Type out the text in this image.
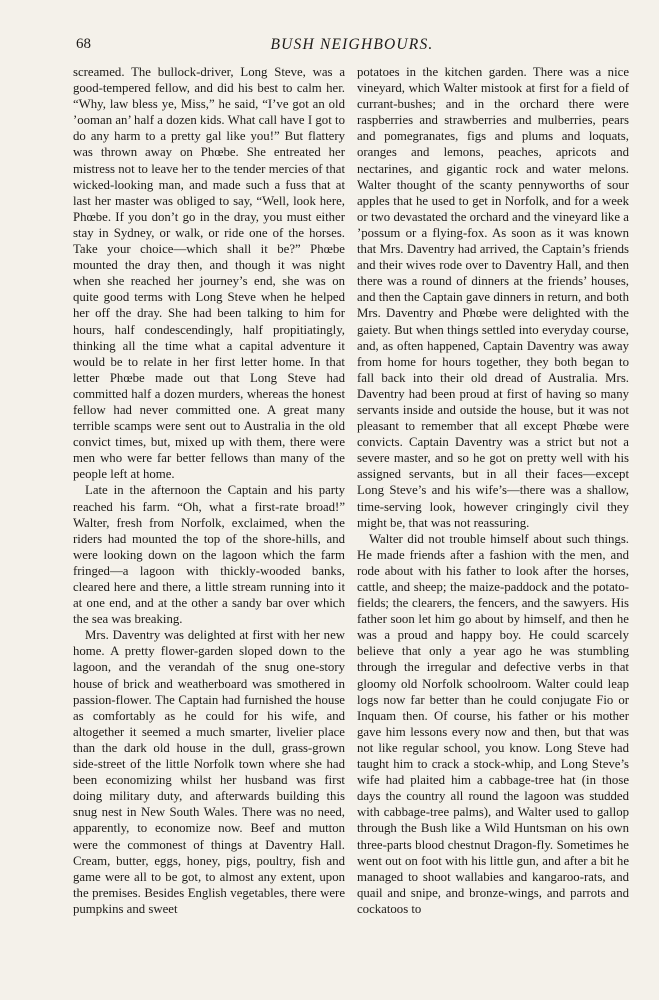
68	BUSH NEIGHBOURS.

screamed. The bullock-driver, Long Steve, was a good-tempered fellow, and did his best to calm her. “Why, law bless ye, Miss,” he said, “I’ve got an old ’ooman an’ half a dozen kids. What call have I got to do any harm to a pretty gal like you!” But flattery was thrown away on Phœbe. She entreated her mistress not to leave her to the tender mercies of that wicked-looking man, and made such a fuss that at last her master was obliged to say, “Well, look here, Phœbe. If you don’t go in the dray, you must either stay in Sydney, or walk, or ride one of the horses. Take your choice—which shall it be?” Phœbe mounted the dray then, and though it was night when she reached her journey’s end, she was on quite good terms with Long Steve when he helped her off the dray. She had been talking to him for hours, half condescendingly, half propitiatingly, thinking all the time what a capital adventure it would be to relate in her first letter home. In that letter Phœbe made out that Long Steve had committed half a dozen murders, whereas the honest fellow had never committed one. A great many terrible scamps were sent out to Australia in the old convict times, but, mixed up with them, there were men who were far better fellows than many of the people left at home.

Late in the afternoon the Captain and his party reached his farm. “Oh, what a first-rate broad!” Walter, fresh from Norfolk, exclaimed, when the riders had mounted the top of the shore-hills, and were looking down on the lagoon which the farm fringed—a lagoon with thickly-wooded banks, cleared here and there, a little stream running into it at one end, and at the other a sandy bar over which the sea was breaking.

Mrs. Daventry was delighted at first with her new home. A pretty flower-garden sloped down to the lagoon, and the verandah of the snug one-story house of brick and weatherboard was smothered in passion-flower. The Captain had furnished the house as comfortably as he could for his wife, and altogether it seemed a much smarter, livelier place than the dark old house in the dull, grass-grown side-street of the little Norfolk town where she had been economizing whilst her husband was first doing military duty, and afterwards building this snug nest in New South Wales. There was no need, apparently, to economize now. Beef and mutton were the commonest of things at Daventry Hall. Cream, butter, eggs, honey, pigs, poultry, fish and game were all to be got, to almost any extent, upon the premises. Besides English vegetables, there were pumpkins and sweet

potatoes in the kitchen garden. There was a nice vineyard, which Walter mistook at first for a field of currant-bushes; and in the orchard there were raspberries and strawberries and mulberries, pears and pomegranates, figs and plums and loquats, oranges and lemons, peaches, apricots and nectarines, and gigantic rock and water melons. Walter thought of the scanty pennyworths of sour apples that he used to get in Norfolk, and for a week or two devastated the orchard and the vineyard like a ’possum or a flying-fox. As soon as it was known that Mrs. Daventry had arrived, the Captain’s friends and their wives rode over to Daventry Hall, and then there was a round of dinners at the friends’ houses, and then the Captain gave dinners in return, and both Mrs. Daventry and Phœbe were delighted with the gaiety. But when things settled into everyday course, and, as often happened, Captain Daventry was away from home for hours together, they both began to fall back into their old dread of Australia. Mrs. Daventry had been proud at first of having so many servants inside and outside the house, but it was not pleasant to remember that all except Phœbe were convicts. Captain Daventry was a strict but not a severe master, and so he got on pretty well with his assigned servants, but in all their faces—except Long Steve’s and his wife’s—there was a shallow, time-serving look, however cringingly civil they might be, that was not reassuring.

Walter did not trouble himself about such things. He made friends after a fashion with the men, and rode about with his father to look after the horses, cattle, and sheep; the maize-paddock and the potato-fields; the clearers, the fencers, and the sawyers. His father soon let him go about by himself, and then he was a proud and happy boy. He could scarcely believe that only a year ago he was stumbling through the irregular and defective verbs in that gloomy old Norfolk schoolroom. Walter could leap logs now far better than he could conjugate Fio or Inquam then. Of course, his father or his mother gave him lessons every now and then, but that was not like regular school, you know. Long Steve had taught him to crack a stock-whip, and Long Steve’s wife had plaited him a cabbage-tree hat (in those days the country all round the lagoon was studded with cabbage-tree palms), and Walter used to gallop through the Bush like a Wild Huntsman on his own three-parts blood chestnut Dragon-fly. Sometimes he went out on foot with his little gun, and after a bit he managed to shoot wallabies and kangaroo-rats, and quail and snipe, and bronze-wings, and parrots and cockatoos to
